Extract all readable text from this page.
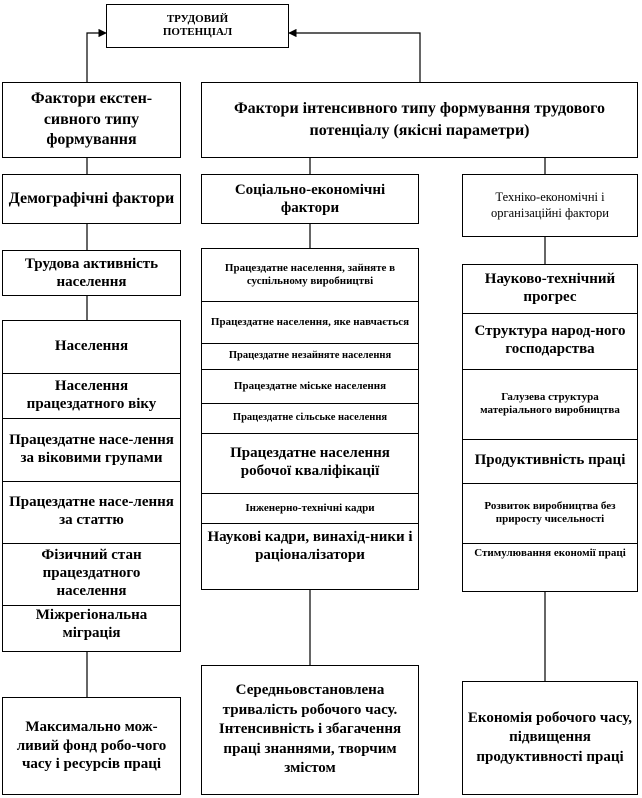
ТРУДОВИЙ ПОТЕНЦІАЛ
Фактори екстен-сивного типу формування
Демографічні фактори
Трудова активність населення
Населення
Населення працездатного віку
Працездатне насе-лення за віковими групами
Працездатне насе-лення за статтю
Фізичний стан працездатного населення
Міжрегіональна міграція
Максимально мож-ливий фонд робо-чого часу і ресурсів праці
Фактори інтенсивного типу формування трудового потенціалу (якісні параметри)
Соціально-економічні фактори
Працездатне населення, зайняте в суспільному виробництві
Працездатне населення, яке навчається
Працездатне незайняте населення
Працездатне міське населення
Працездатне сільське населення
Працездатне населення робочої кваліфікації
Інженерно-технічні кадри
Наукові кадри, винахід-ники і раціоналізатори
Середньовстановлена тривалість робочого часу. Інтенсивність і збагачення праці знаннями, творчим змістом
Техніко-економічні і організаційні фактори
Науково-технічний прогрес
Структура народ-ного господарства
Галузева структура матеріального виробництва
Продуктивність праці
Розвиток виробництва без приросту чисельності
Стимулювання економії праці
Економія робочого часу, підвищення продуктивності праці
